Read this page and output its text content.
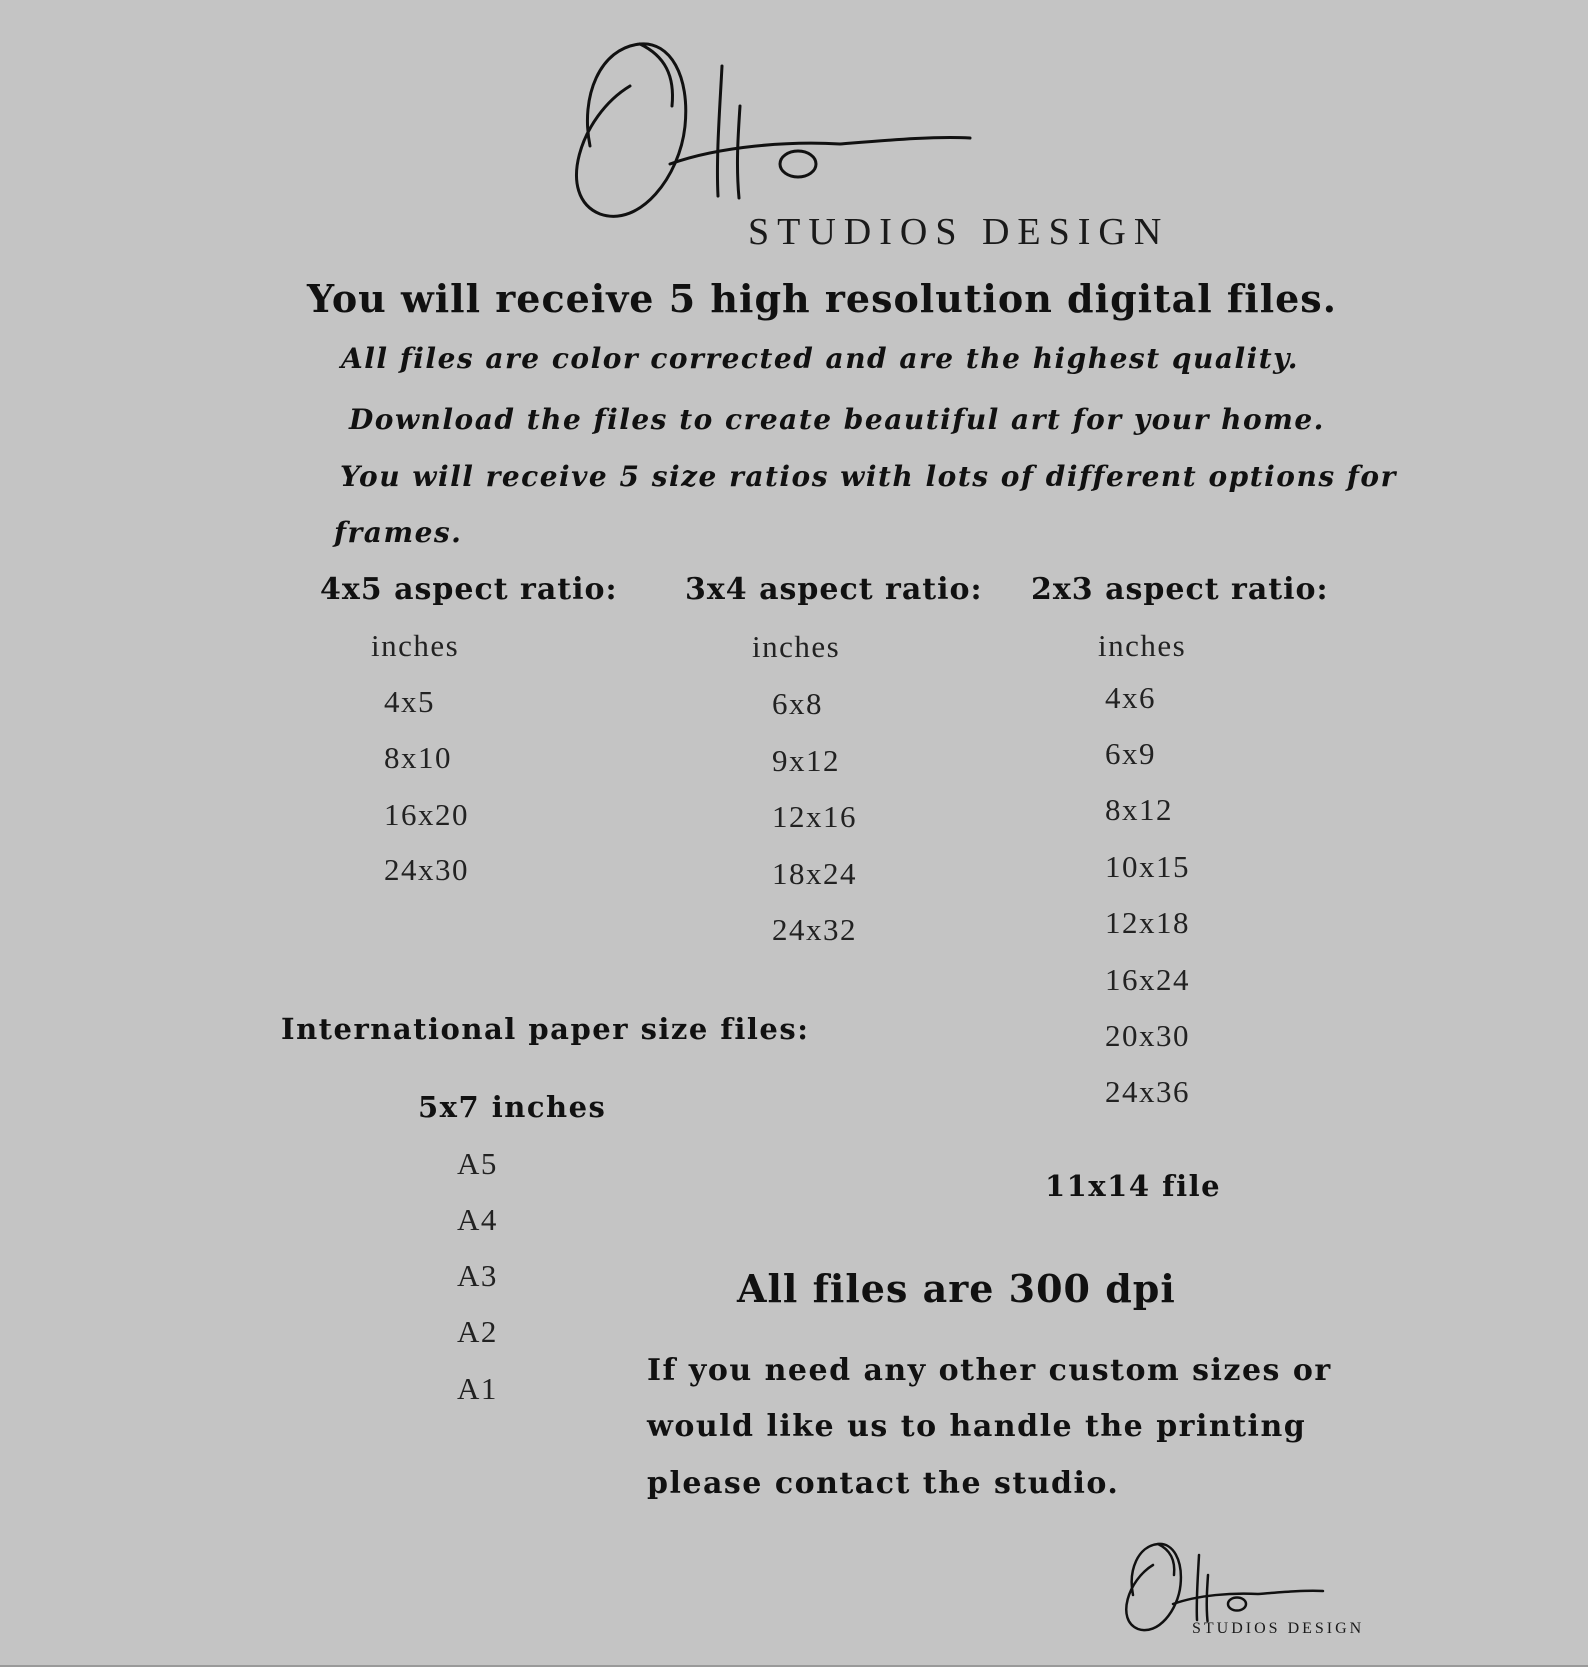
STUDIOS DESIGN
You will receive 5 high resolution digital files.
All files are color corrected and are the highest quality.
Download the files to create beautiful art for your home.
You will receive 5 size ratios with lots of different options for
frames.
4x5 aspect ratio:
inches
4x5
8x10
16x20
24x30
3x4 aspect ratio:
inches
6x8
9x12
12x16
18x24
24x32
2x3 aspect ratio:
inches
4x6
6x9
8x12
10x15
12x18
16x24
20x30
24x36
International paper size files:
5x7 inches
A5
A4
A3
A2
A1
11x14 file
All files are 300 dpi
If you need any other custom sizes or
would like us to handle the printing
please contact the studio.
STUDIOS DESIGN
